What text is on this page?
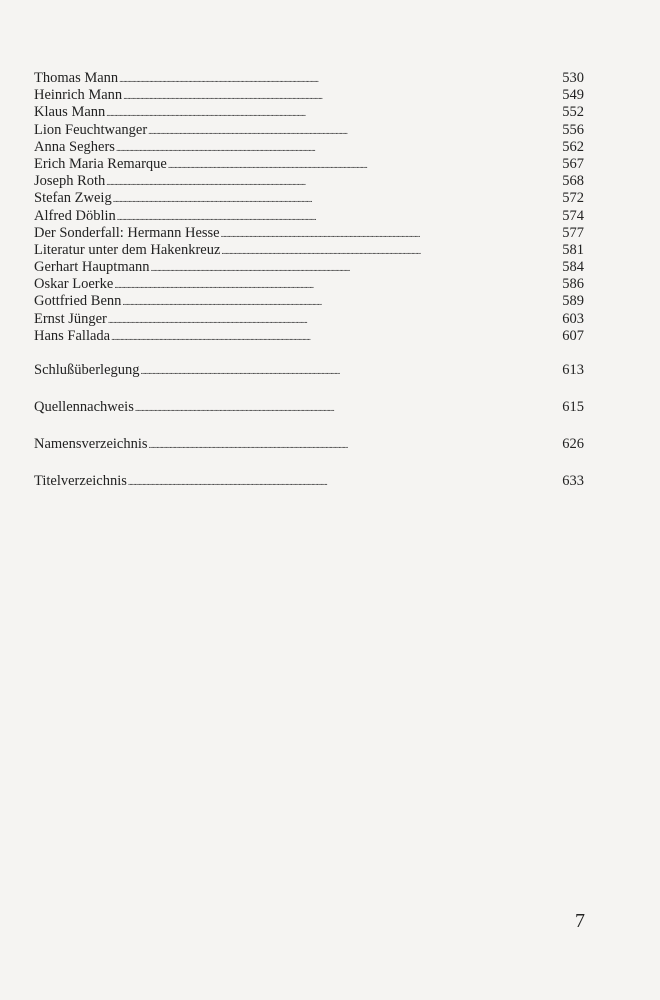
Thomas Mann . . .	530
Heinrich Mann . . .	549
Klaus Mann . . .	552
Lion Feuchtwanger . . .	556
Anna Seghers . . .	562
Erich Maria Remarque . . .	567
Joseph Roth . . .	568
Stefan Zweig . . .	572
Alfred Döblin . . .	574
Der Sonderfall: Hermann Hesse . . .	577
Literatur unter dem Hakenkreuz . . .	581
Gerhart Hauptmann . . .	584
Oskar Loerke . . .	586
Gottfried Benn . . .	589
Ernst Jünger . . .	603
Hans Fallada . . .	607
Schlußüberlegung . . .	613
Quellennachweis . . .	615
Namensverzeichnis . . .	626
Titelverzeichnis . . .	633
7
